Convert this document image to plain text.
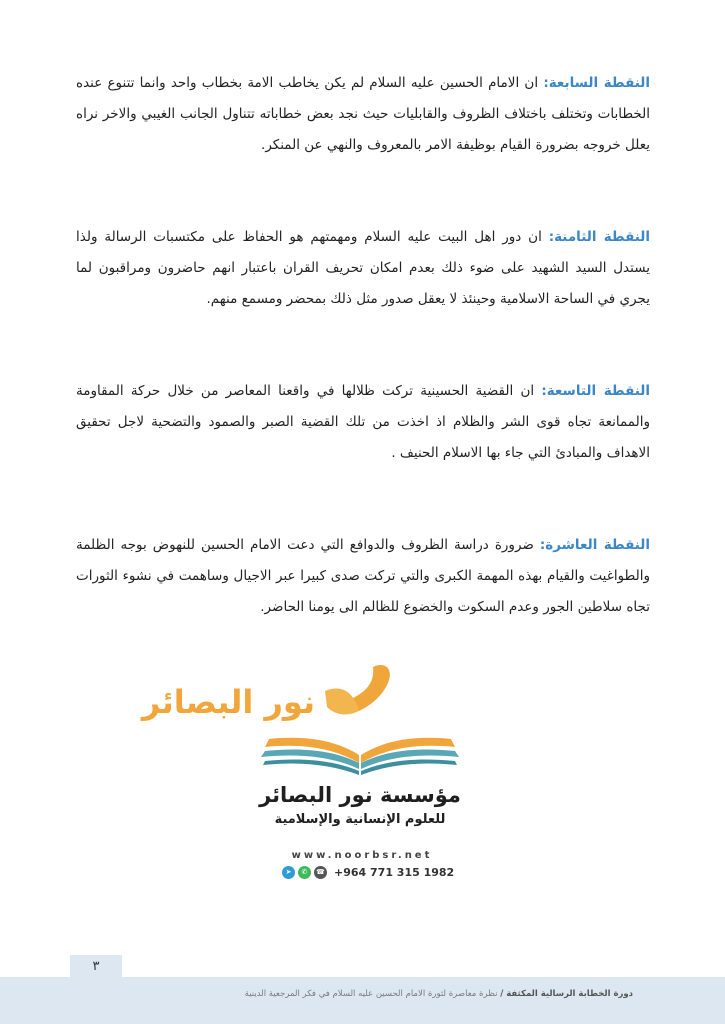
النقطة السابعة: ان الامام الحسين عليه السلام لم يكن يخاطب الامة بخطاب واحد وانما تتنوع عنده الخطابات وتختلف باختلاف الظروف والقابليات حيث نجد بعض خطاباته تتناول الجانب الغيبي والاخر نراه يعلل خروجه بضرورة القيام بوظيفة الامر بالمعروف والنهي عن المنكر.

النقطة الثامنة: ان دور اهل البيت عليه السلام ومهمتهم هو الحفاظ على مكتسبات الرسالة ولذا يستدل السيد الشهيد على ضوء ذلك بعدم امكان تحريف القران باعتبار انهم حاضرون ومراقبون لما يجري في الساحة الاسلامية وحينئذ لا يعقل صدور مثل ذلك بمحضر ومسمع منهم.

النقطة التاسعة: ان القضية الحسينية تركت ظلالها في واقعنا المعاصر من خلال حركة المقاومة والممانعة تجاه قوى الشر والظلام اذ اخذت من تلك القضية الصبر والصمود والتضحية لاجل تحقيق الاهداف والمبادئ التي جاء بها الاسلام الحنيف .

النقطة العاشرة: ضرورة دراسة الظروف والدوافع التي دعت الامام الحسين للنهوض بوجه الظلمة والطواغيت والقيام بهذه المهمة الكبرى والتي تركت صدى كبيرا عبر الاجيال وساهمت في نشوء الثورات تجاه سلاطين الجور وعدم السكوت والخضوع للظالم الى يومنا الحاضر.

نور البصائر
مؤسسة نور البصائر
للعلوم الإنسانية والإسلامية
www.noorbsr.net
➤	✆	☎ +964 771 315 1982
٣
دورة الخطابة الرسالية المكثفة / نظرة معاصرة لثورة الامام الحسين عليه السلام في فكر المرجعية الدينية
